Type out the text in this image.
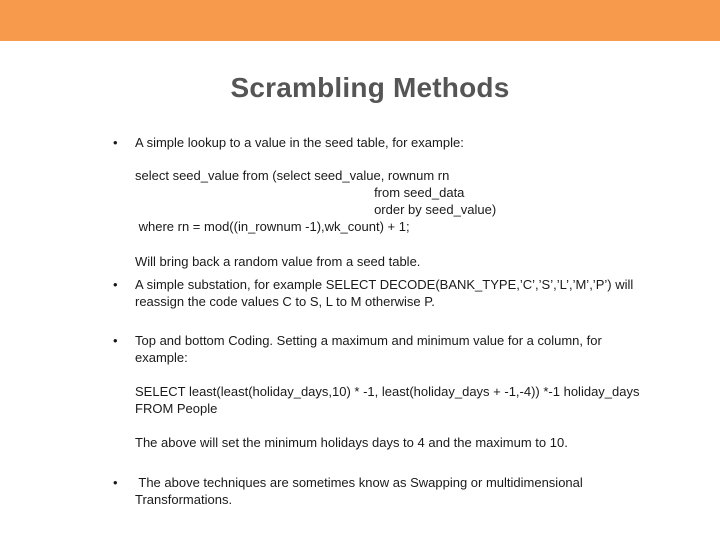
Scrambling Methods
• A simple lookup to a value in the seed table, for example:
select seed_value from (select seed_value, rownum rn
from seed_data
order by seed_value)
where rn = mod((in_rownum -1),wk_count) + 1;
Will bring back a random value from a seed table.
• A simple substation, for example SELECT DECODE(BANK_TYPE,’C’,’S’,’L’,’M’,’P’) will
reassign the code values C to S, L to M otherwise P.
• Top and bottom Coding. Setting a maximum and minimum value for a column, for
example:
SELECT least(least(holiday_days,10) * -1, least(holiday_days + -1,-4)) *-1 holiday_days
FROM People
The above will set the minimum holidays days to 4 and the maximum to 10.
• The above techniques are sometimes know as Swapping or multidimensional
Transformations.
